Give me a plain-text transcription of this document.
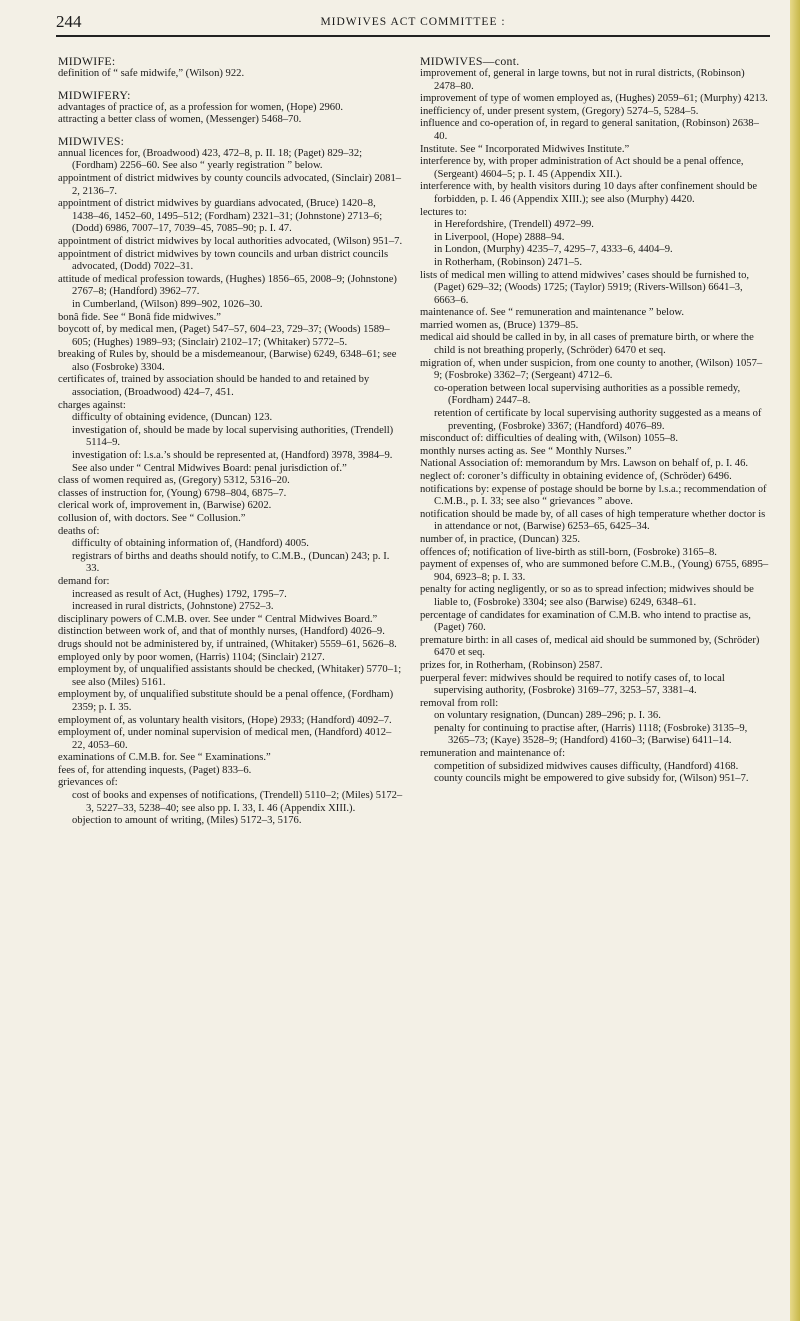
244	MIDWIVES ACT COMMITTEE :
MIDWIFE:
definition of “ safe midwife,” (Wilson) 922.
MIDWIFERY:
advantages of practice of, as a profession for women, (Hope) 2960.
attracting a better class of women, (Messenger) 5468–70.
MIDWIVES:
annual licences for, (Broadwood) 423, 472–8, p. II. 18; (Paget) 829–32; (Fordham) 2256–60. See also “ yearly registration ” below.
appointment of district midwives by county councils advocated, (Sinclair) 2081–2, 2136–7.
appointment of district midwives by guardians advocated, (Bruce) 1420–8, 1438–46, 1452–60, 1495–512; (Fordham) 2321–31; (Johnstone) 2713–6; (Dodd) 6986, 7007–17, 7039–45, 7085–90; p. I. 47.
appointment of district midwives by local authorities advocated, (Wilson) 951–7.
appointment of district midwives by town councils and urban district councils advocated, (Dodd) 7022–31.
attitude of medical profession towards, (Hughes) 1856–65, 2008–9; (Johnstone) 2767–8; (Handford) 3962–77.
in Cumberland, (Wilson) 899–902, 1026–30.
bonâ fide. See “ Bonâ fide midwives.”
boycott of, by medical men, (Paget) 547–57, 604–23, 729–37; (Woods) 1589–605; (Hughes) 1989–93; (Sinclair) 2102–17; (Whitaker) 5772–5.
breaking of Rules by, should be a misdemeanour, (Barwise) 6249, 6348–61; see also (Fosbroke) 3304.
certificates of, trained by association should be handed to and retained by association, (Broadwood) 424–7, 451.
charges against:
difficulty of obtaining evidence, (Duncan) 123.
investigation of, should be made by local supervising authorities, (Trendell) 5114–9.
investigation of: l.s.a.’s should be represented at, (Handford) 3978, 3984–9.
See also under “ Central Midwives Board: penal jurisdiction of.”
class of women required as, (Gregory) 5312, 5316–20.
classes of instruction for, (Young) 6798–804, 6875–7.
clerical work of, improvement in, (Barwise) 6202.
collusion of, with doctors. See “ Collusion.”
deaths of:
difficulty of obtaining information of, (Handford) 4005.
registrars of births and deaths should notify, to C.M.B., (Duncan) 243; p. I. 33.
demand for:
increased as result of Act, (Hughes) 1792, 1795–7.
increased in rural districts, (Johnstone) 2752–3.
disciplinary powers of C.M.B. over. See under “ Central Midwives Board.”
distinction between work of, and that of monthly nurses, (Handford) 4026–9.
drugs should not be administered by, if untrained, (Whitaker) 5559–61, 5626–8.
employed only by poor women, (Harris) 1104; (Sinclair) 2127.
employment by, of unqualified assistants should be checked, (Whitaker) 5770–1; see also (Miles) 5161.
employment by, of unqualified substitute should be a penal offence, (Fordham) 2359; p. I. 35.
employment of, as voluntary health visitors, (Hope) 2933; (Handford) 4092–7.
employment of, under nominal supervision of medical men, (Handford) 4012–22, 4053–60.
examinations of C.M.B. for. See “ Examinations.”
fees of, for attending inquests, (Paget) 833–6.
grievances of:
cost of books and expenses of notifications, (Trendell) 5110–2; (Miles) 5172–3, 5227–33, 5238–40; see also pp. I. 33, I. 46 (Appendix XIII.).
objection to amount of writing, (Miles) 5172–3, 5176.
MIDWIVES—cont.
improvement of, general in large towns, but not in rural districts, (Robinson) 2478–80.
improvement of type of women employed as, (Hughes) 2059–61; (Murphy) 4213.
inefficiency of, under present system, (Gregory) 5274–5, 5284–5.
influence and co-operation of, in regard to general sanitation, (Robinson) 2638–40.
Institute. See “ Incorporated Midwives Institute.”
interference by, with proper administration of Act should be a penal offence, (Sergeant) 4604–5; p. I. 45 (Appendix XII.).
interference with, by health visitors during 10 days after confinement should be forbidden, p. I. 46 (Appendix XIII.); see also (Murphy) 4420.
lectures to:
in Herefordshire, (Trendell) 4972–99.
in Liverpool, (Hope) 2888–94.
in London, (Murphy) 4235–7, 4295–7, 4333–6, 4404–9.
in Rotherham, (Robinson) 2471–5.
lists of medical men willing to attend midwives’ cases should be furnished to, (Paget) 629–32; (Woods) 1725; (Taylor) 5919; (Rivers-Willson) 6641–3, 6663–6.
maintenance of. See “ remuneration and maintenance ” below.
married women as, (Bruce) 1379–85.
medical aid should be called in by, in all cases of premature birth, or where the child is not breathing properly, (Schröder) 6470 et seq.
migration of, when under suspicion, from one county to another, (Wilson) 1057–9; (Fosbroke) 3362–7; (Sergeant) 4712–6.
co-operation between local supervising authorities as a possible remedy, (Fordham) 2447–8.
retention of certificate by local supervising authority suggested as a means of preventing, (Fosbroke) 3367; (Handford) 4076–89.
misconduct of: difficulties of dealing with, (Wilson) 1055–8.
monthly nurses acting as. See “ Monthly Nurses.”
National Association of: memorandum by Mrs. Lawson on behalf of, p. I. 46.
neglect of: coroner’s difficulty in obtaining evidence of, (Schröder) 6496.
notifications by: expense of postage should be borne by l.s.a.; recommendation of C.M.B., p. I. 33; see also “ grievances ” above.
notification should be made by, of all cases of high temperature whether doctor is in attendance or not, (Barwise) 6253–65, 6425–34.
number of, in practice, (Duncan) 325.
offences of; notification of live-birth as still-born, (Fosbroke) 3165–8.
payment of expenses of, who are summoned before C.M.B., (Young) 6755, 6895–904, 6923–8; p. I. 33.
penalty for acting negligently, or so as to spread infection; midwives should be liable to, (Fosbroke) 3304; see also (Barwise) 6249, 6348–61.
percentage of candidates for examination of C.M.B. who intend to practise as, (Paget) 760.
premature birth: in all cases of, medical aid should be summoned by, (Schröder) 6470 et seq.
prizes for, in Rotherham, (Robinson) 2587.
puerperal fever: midwives should be required to notify cases of, to local supervising authority, (Fosbroke) 3169–77, 3253–57, 3381–4.
removal from roll:
on voluntary resignation, (Duncan) 289–296; p. I. 36.
penalty for continuing to practise after, (Harris) 1118; (Fosbroke) 3135–9, 3265–73; (Kaye) 3528–9; (Handford) 4160–3; (Barwise) 6411–14.
remuneration and maintenance of:
competition of subsidized midwives causes difficulty, (Handford) 4168.
county councils might be empowered to give subsidy for, (Wilson) 951–7.
